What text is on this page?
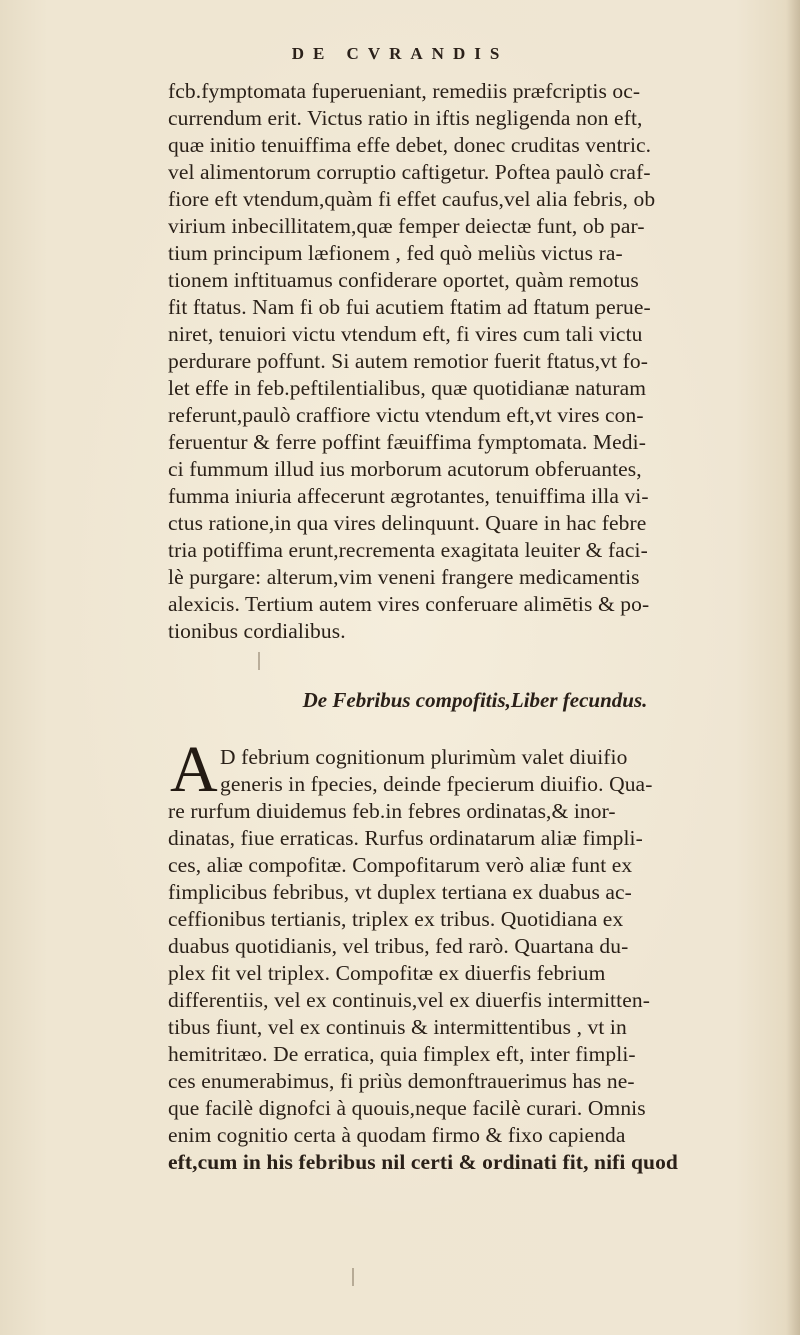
DE CVRANDIS
fcb.fymptomata fuperueniant, remediis præfcriptis oc-
currendum erit. Victus ratio in iftis negligenda non eft,
quæ initio tenuiffima effe debet, donec cruditas ventric.
vel alimentorum corruptio caftigetur. Poftea paulò craf-
fiore eft vtendum,quàm fi effet caufus,vel alia febris, ob
virium inbecillitatem,quæ femper deiectæ funt, ob par-
tium principum læfionem , fed quò meliùs victus ra-
tionem inftituamus confiderare oportet, quàm remotus
fit ftatus. Nam fi ob fui acutiem ftatim ad ftatum perue-
niret, tenuiori victu vtendum eft, fi vires cum tali victu
perdurare poffunt. Si autem remotior fuerit ftatus,vt fo-
let effe in feb.peftilentialibus, quæ quotidianæ naturam
referunt,paulò craffiore victu vtendum eft,vt vires con-
feruentur & ferre poffint fæuiffima fymptomata. Medi-
ci fummum illud ius morborum acutorum obferuantes,
fumma iniuria affecerunt ægrotantes, tenuiffima illa vi-
ctus ratione,in qua vires delinquunt. Quare in hac febre
tria potiffima erunt,recrementa exagitata leuiter & faci-
lè purgare: alterum,vim veneni frangere medicamentis
alexicis. Tertium autem vires conferuare alimētis & po-
tionibus cordialibus.
De Febribus compofitis,Liber fecundus.
A D febrium cognitionum plurimùm valet diuifio
generis in fpecies, deinde fpecierum diuifio. Qua-
re rurfum diuidemus feb.in febres ordinatas,& inor-
dinatas, fiue erraticas. Rurfus ordinatarum aliæ fimpli-
ces, aliæ compofitæ. Compofitarum verò aliæ funt ex
fimplicibus febribus, vt duplex tertiana ex duabus ac-
ceffionibus tertianis, triplex ex tribus. Quotidiana ex
duabus quotidianis, vel tribus, fed rarò. Quartana du-
plex fit vel triplex. Compofitæ ex diuerfis febrium
differentiis, vel ex continuis,vel ex diuerfis intermitten-
tibus fiunt, vel ex continuis & intermittentibus , vt in
hemitritæo. De erratica, quia fimplex eft, inter fimpli-
ces enumerabimus, fi priùs demonftrauerimus has ne-
que facilè dignofci à quouis,neque facilè curari. Omnis
enim cognitio certa à quodam firmo & fixo capienda
eft,cum in his febribus nil certi & ordinati fit, nifi quod
